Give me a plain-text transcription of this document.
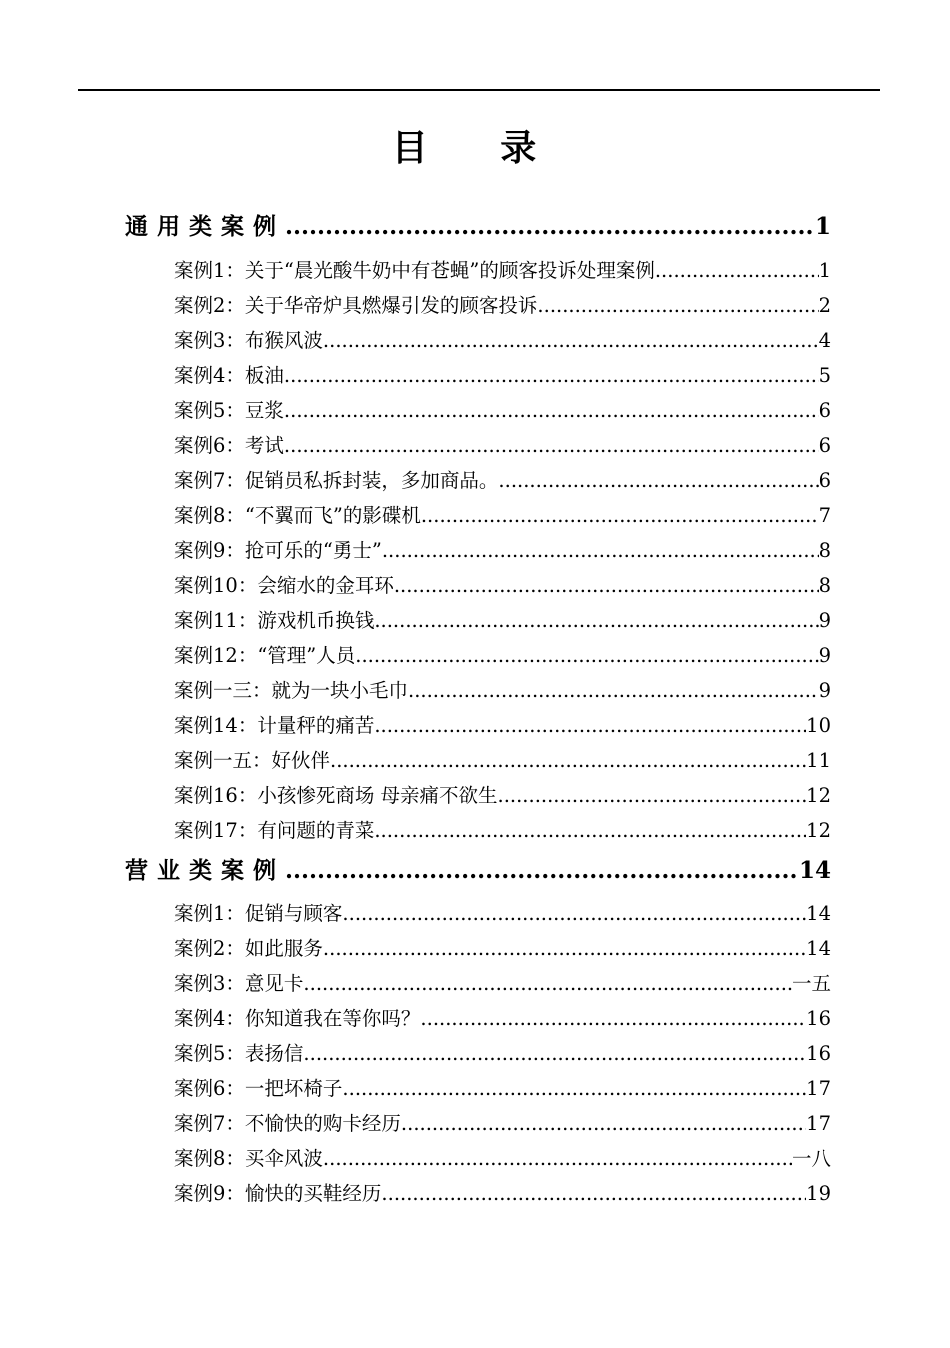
目 录
通用类案例 .....	1
案例1：关于“晨光酸牛奶中有苍蝇”的顾客投诉处理案例 .....	1
案例2：关于华帝炉具燃爆引发的顾客投诉 .....	2
案例3：布猴风波 .....	4
案例4：板油 .....	5
案例5：豆浆 .....	6
案例6：考试 .....	6
案例7：促销员私拆封装，多加商品。 .....	6
案例8：“不翼而飞”的影碟机 .....	7
案例9：抢可乐的“勇士” .....	8
案例10：会缩水的金耳环 .....	8
案例11：游戏机币换钱 .....	9
案例12：“管理”人员 .....	9
案例一三：就为一块小毛巾 .....	9
案例14：计量秤的痛苦 .....	10
案例一五：好伙伴 .....	11
案例16：小孩惨死商场 母亲痛不欲生 .....	12
案例17：有问题的青菜 .....	12
营业类案例 .....	14
案例1：促销与顾客 .....	14
案例2：如此服务 .....	14
案例3：意见卡 .....	一五
案例4：你知道我在等你吗？ .....	16
案例5：表扬信 .....	16
案例6：一把坏椅子 .....	17
案例7：不愉快的购卡经历 .....	17
案例8：买伞风波 .....	一八
案例9：愉快的买鞋经历 .....	19
